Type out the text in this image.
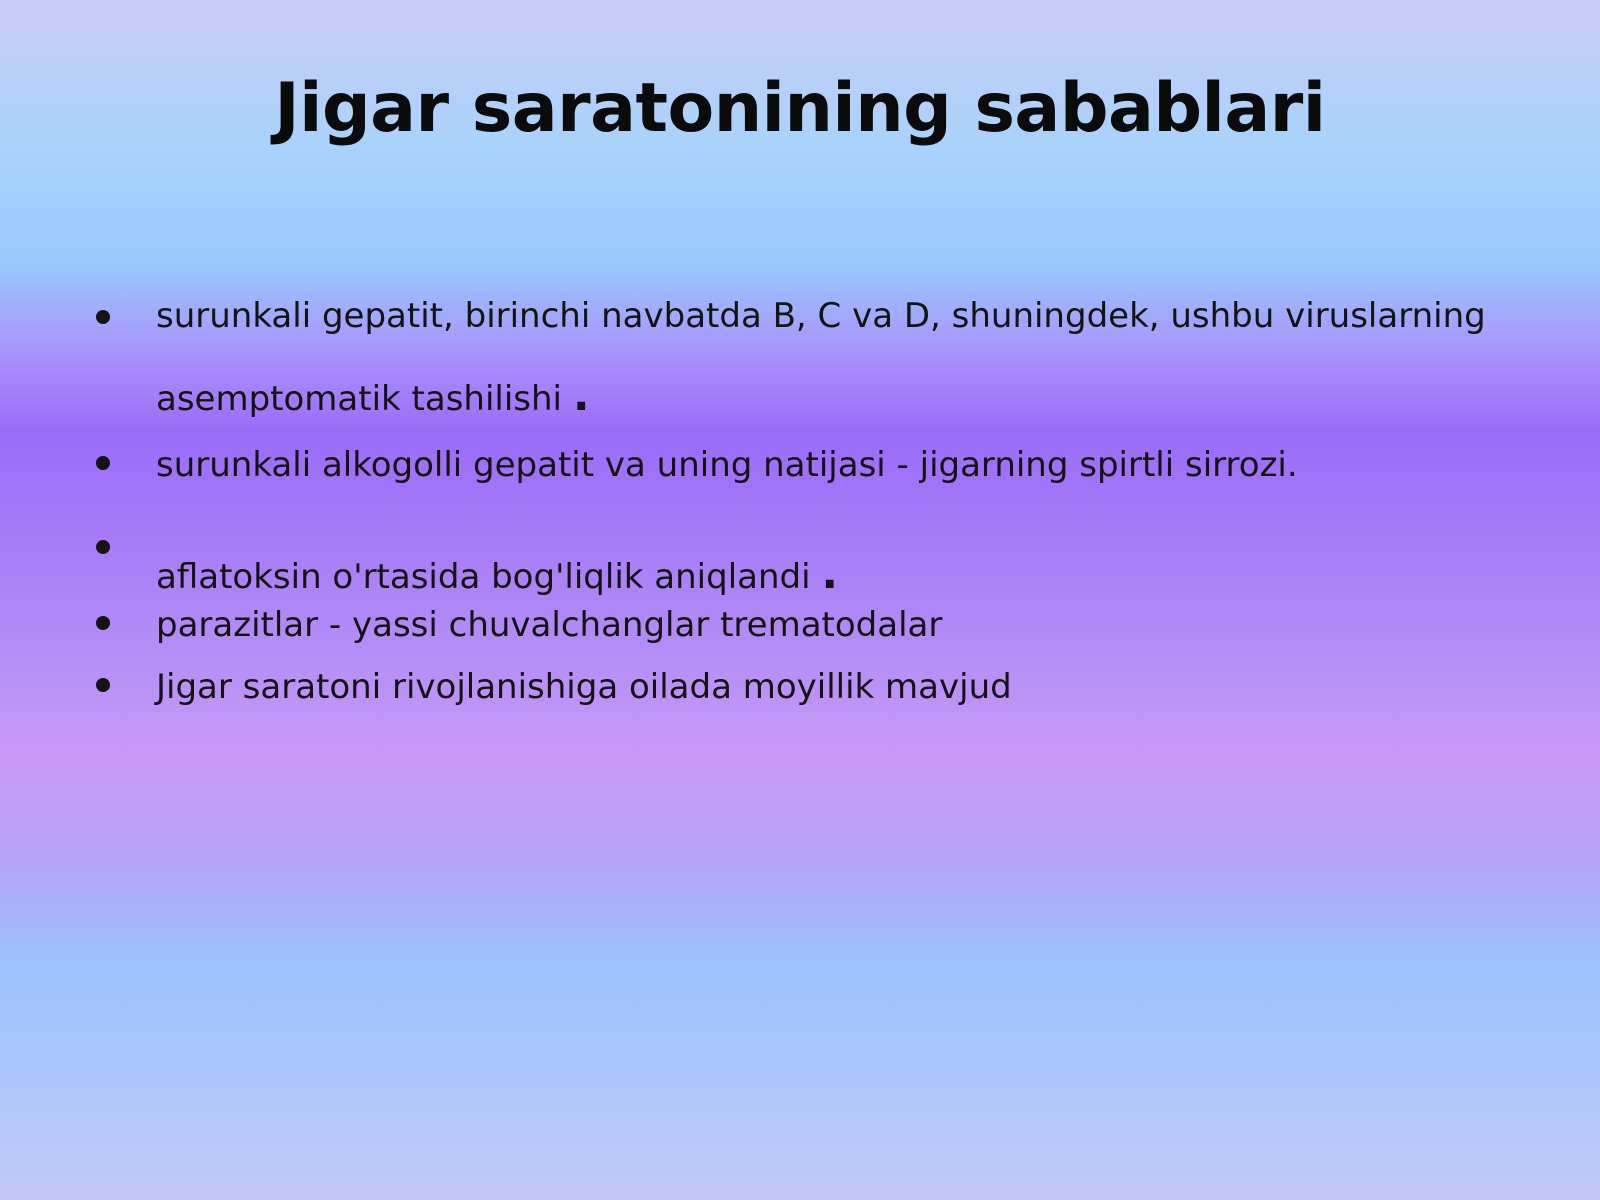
Jigar saratonining sabablari
surunkali gepatit, birinchi navbatda B, C va D, shuningdek, ushbu viruslarning asemptomatik tashilishi .
surunkali alkogolli gepatit va uning natijasi - jigarning spirtli sirrozi.
aflatoksin o'rtasida bog'liqlik aniqlandi .
parazitlar - yassi chuvalchanglar trematodalar
Jigar saratoni rivojlanishiga oilada moyillik mavjud
